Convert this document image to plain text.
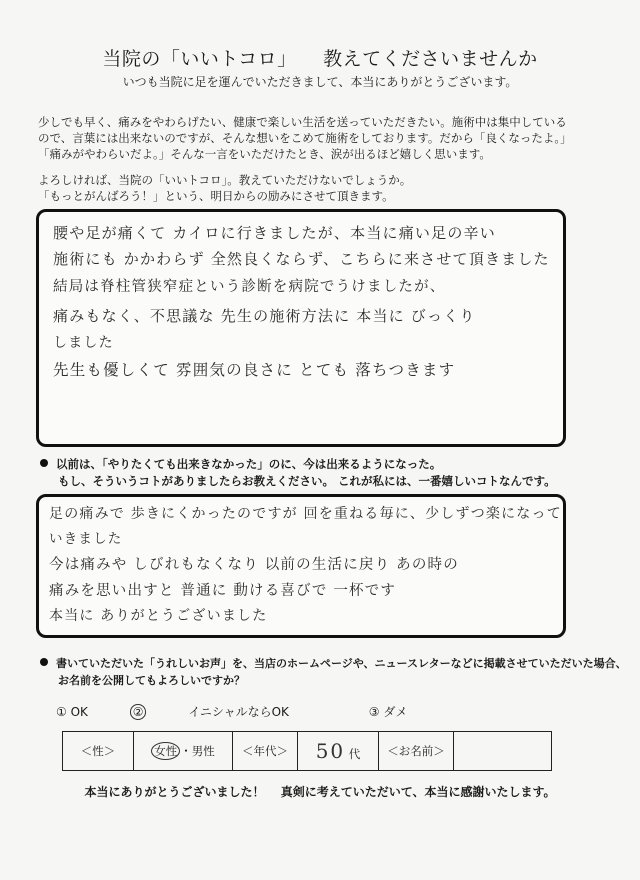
当院の「いいトコロ」 教えてくださいませんか
いつも当院に足を運んでいただきまして、本当にありがとうございます。
少しでも早く、痛みをやわらげたい、健康で楽しい生活を送っていただきたい。施術中は集中している
ので、言葉には出来ないのですが、そんな想いをこめて施術をしております。だから「良くなったよ。」
「痛みがやわらいだよ。」そんな一言をいただけたとき、涙が出るほど嬉しく思います。
よろしければ、当院の「いいトコロ」。教えていただけないでしょうか。
「もっとがんばろう！」という、明日からの励みにさせて頂きます。
腰や足が痛くて カイロに行きましたが、本当に痛い足の辛い
施術にも かかわらず 全然良くならず、こちらに来させて頂きました
結局は脊柱管狭窄症という診断を病院でうけましたが、
痛みもなく、不思議な 先生の施術方法に 本当に びっくり
しました
先生も優しくて 雰囲気の良さに とても 落ちつきます
以前は、「やりたくても出来きなかった」のに、今は出来るようになった。
もし、そういうコトがありましたらお教えください。 これが私には、一番嬉しいコトなんです。
足の痛みで 歩きにくかったのですが 回を重ねる毎に、少しずつ楽になって
いきました
今は痛みや しびれもなくなり 以前の生活に戻り あの時の
痛みを思い出すと 普通に 動ける喜びで 一杯です
本当に ありがとうございました
書いていただいた「うれしいお声」を、当店のホームページや、ニュースレターなどに掲載させていただいた場合、
お名前を公開してもよろしいですか？
① OK	②	イニシャルならOK	③ ダメ
＜性＞	女性 ・男性	＜年代＞	50 代	＜お名前＞	
本当にありがとうございました！ 真剣に考えていただいて、本当に感謝いたします。
